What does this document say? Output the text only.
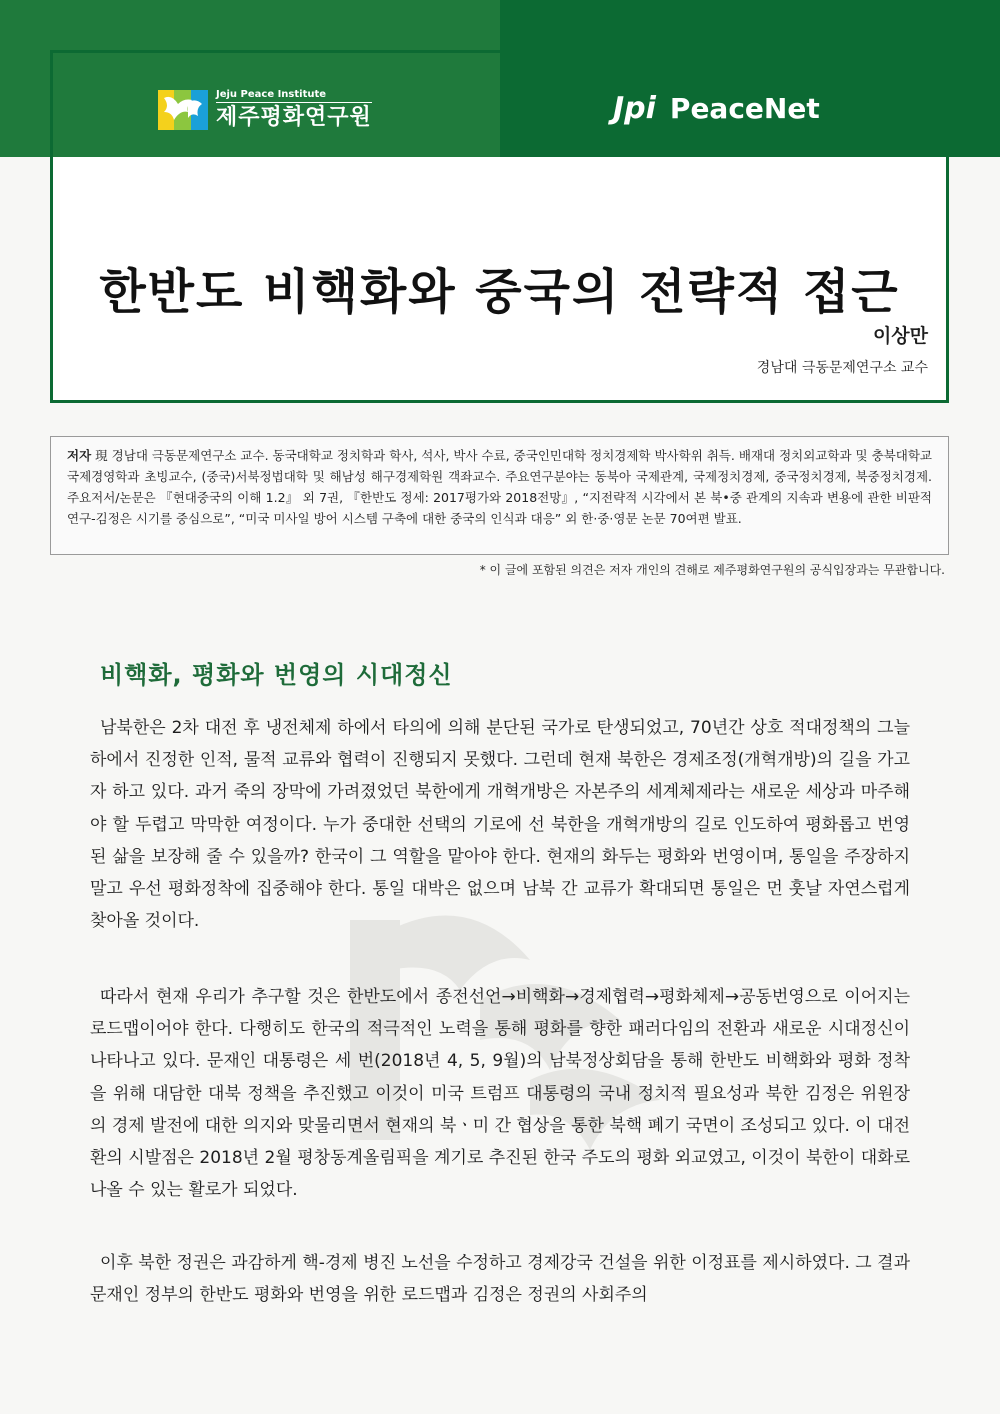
Jeju Peace Institute
제주평화연구원	Jpi PeaceNet
한반도 비핵화와 중국의 전략적 접근
이상만
경남대 극동문제연구소 교수
저자 現 경남대 극동문제연구소 교수. 동국대학교 정치학과 학사, 석사, 박사 수료, 중국인민대학 정치경제학 박사학위 취득. 배재대 정치외교학과 및 충북대학교 국제경영학과 초빙교수, (중국)서북정법대학 및 해남성 해구경제학원 객좌교수. 주요연구분야는 동북아 국제관계, 국제정치경제, 중국정치경제, 북중정치경제. 주요저서/논문은 『현대중국의 이해 1.2』 외 7권, 『한반도 정세: 2017평가와 2018전망』, “지전략적 시각에서 본 북•중 관계의 지속과 변용에 관한 비판적 연구-김정은 시기를 중심으로”, “미국 미사일 방어 시스템 구축에 대한 중국의 인식과 대응” 외 한·중·영문 논문 70여편 발표.
* 이 글에 포함된 의견은 저자 개인의 견해로 제주평화연구원의 공식입장과는 무관합니다.
비핵화, 평화와 번영의 시대정신
남북한은 2차 대전 후 냉전체제 하에서 타의에 의해 분단된 국가로 탄생되었고, 70년간 상호 적대정책의 그늘 하에서 진정한 인적, 물적 교류와 협력이 진행되지 못했다. 그런데 현재 북한은 경제조정(개혁개방)의 길을 가고자 하고 있다. 과거 죽의 장막에 가려졌었던 북한에게 개혁개방은 자본주의 세계체제라는 새로운 세상과 마주해야 할 두렵고 막막한 여정이다. 누가 중대한 선택의 기로에 선 북한을 개혁개방의 길로 인도하여 평화롭고 번영된 삶을 보장해 줄 수 있을까? 한국이 그 역할을 맡아야 한다. 현재의 화두는 평화와 번영이며, 통일을 주장하지 말고 우선 평화정착에 집중해야 한다. 통일 대박은 없으며 남북 간 교류가 확대되면 통일은 먼 훗날 자연스럽게 찾아올 것이다.
따라서 현재 우리가 추구할 것은 한반도에서 종전선언→비핵화→경제협력→평화체제→공동번영으로 이어지는 로드맵이어야 한다. 다행히도 한국의 적극적인 노력을 통해 평화를 향한 패러다임의 전환과 새로운 시대정신이 나타나고 있다. 문재인 대통령은 세 번(2018년 4, 5, 9월)의 남북정상회담을 통해 한반도 비핵화와 평화 정착을 위해 대담한 대북 정책을 추진했고 이것이 미국 트럼프 대통령의 국내 정치적 필요성과 북한 김정은 위원장의 경제 발전에 대한 의지와 맞물리면서 현재의 북ㆍ미 간 협상을 통한 북핵 폐기 국면이 조성되고 있다. 이 대전환의 시발점은 2018년 2월 평창동계올림픽을 계기로 추진된 한국 주도의 평화 외교였고, 이것이 북한이 대화로 나올 수 있는 활로가 되었다.
이후 북한 정권은 과감하게 핵-경제 병진 노선을 수정하고 경제강국 건설을 위한 이정표를 제시하였다. 그 결과 문재인 정부의 한반도 평화와 번영을 위한 로드맵과 김정은 정권의 사회주의
